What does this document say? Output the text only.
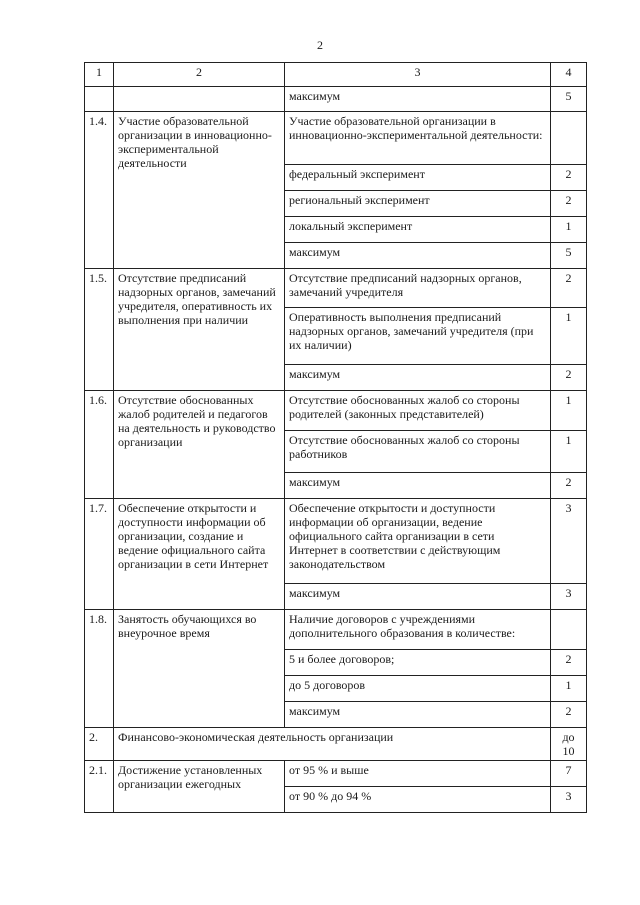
2
1	2	3	4
		максимум	5
1.4.	Участие образовательной организации в инновационно-экспериментальной деятельности	Участие образовательной организации в инновационно-экспериментальной деятельности:	
		федеральный эксперимент	2
		региональный эксперимент	2
		локальный эксперимент	1
		максимум	5
1.5.	Отсутствие предписаний надзорных органов, замечаний учредителя, оперативность их выполнения при наличии	Отсутствие предписаний надзорных органов, замечаний учредителя	2
		Оперативность выполнения предписаний надзорных органов, замечаний учредителя (при их наличии)	1
		максимум	2
1.6.	Отсутствие обоснованных жалоб родителей и педагогов на деятельность и руководство организации	Отсутствие обоснованных жалоб со стороны родителей (законных представителей)	1
		Отсутствие обоснованных жалоб со стороны работников	1
		максимум	2
1.7.	Обеспечение открытости и доступности информации об организации, создание и ведение официального сайта организации в сети Интернет	Обеспечение открытости и доступности информации об организации, ведение официального сайта организации в сети Интернет в соответствии с действующим законодательством	3
		максимум	3
1.8.	Занятость обучающихся во внеурочное время	Наличие договоров с учреждениями дополнительного образования в количестве:	
		5 и более договоров;	2
		до 5 договоров	1
		максимум	2
2.	Финансово-экономическая деятельность организации		до 10
2.1.	Достижение установленных организации ежегодных	от 95 % и выше	7
		от 90 % до 94 %	3
